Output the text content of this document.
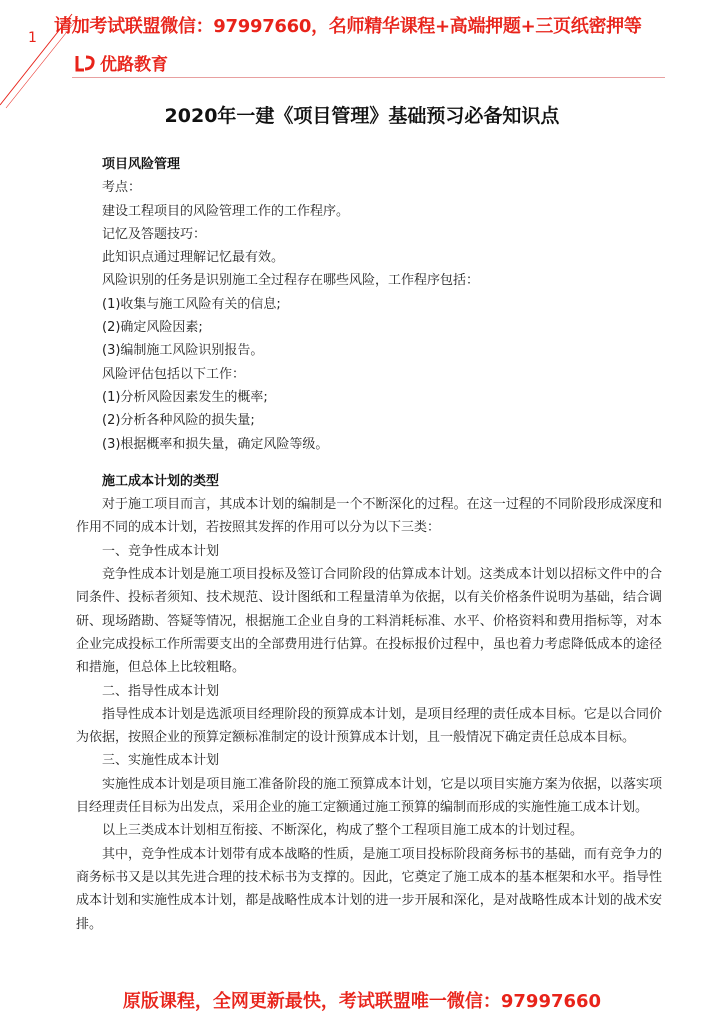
1
请加考试联盟微信：97997660，名师精华课程+高端押题+三页纸密押等
优路教育
2020年一建《项目管理》基础预习必备知识点

项目风险管理

考点：

建设工程项目的风险管理工作的工作程序。

记忆及答题技巧：

此知识点通过理解记忆最有效。

风险识别的任务是识别施工全过程存在哪些风险，工作程序包括：

(1)收集与施工风险有关的信息;

(2)确定风险因素;

(3)编制施工风险识别报告。

风险评估包括以下工作：

(1)分析风险因素发生的概率;

(2)分析各种风险的损失量;

(3)根据概率和损失量，确定风险等级。

施工成本计划的类型

对于施工项目而言，其成本计划的编制是一个不断深化的过程。在这一过程的不同阶段形成深度和作用不同的成本计划，若按照其发挥的作用可以分为以下三类：

一、竞争性成本计划

竞争性成本计划是施工项目投标及签订合同阶段的估算成本计划。这类成本计划以招标文件中的合同条件、投标者须知、技术规范、设计图纸和工程量清单为依据，以有关价格条件说明为基础，结合调研、现场踏勘、答疑等情况，根据施工企业自身的工料消耗标准、水平、价格资料和费用指标等，对本企业完成投标工作所需要支出的全部费用进行估算。在投标报价过程中，虽也着力考虑降低成本的途径和措施，但总体上比较粗略。

二、指导性成本计划

指导性成本计划是选派项目经理阶段的预算成本计划，是项目经理的责任成本目标。它是以合同价为依据，按照企业的预算定额标准制定的设计预算成本计划，且一般情况下确定责任总成本目标。

三、实施性成本计划

实施性成本计划是项目施工准备阶段的施工预算成本计划，它是以项目实施方案为依据，以落实项目经理责任目标为出发点，采用企业的施工定额通过施工预算的编制而形成的实施性施工成本计划。

以上三类成本计划相互衔接、不断深化，构成了整个工程项目施工成本的计划过程。

其中，竞争性成本计划带有成本战略的性质，是施工项目投标阶段商务标书的基础，而有竞争力的商务标书又是以其先进合理的技术标书为支撑的。因此，它奠定了施工成本的基本框架和水平。指导性成本计划和实施性成本计划，都是战略性成本计划的进一步开展和深化，是对战略性成本计划的战术安排。

原版课程，全网更新最快，考试联盟唯一微信：97997660
